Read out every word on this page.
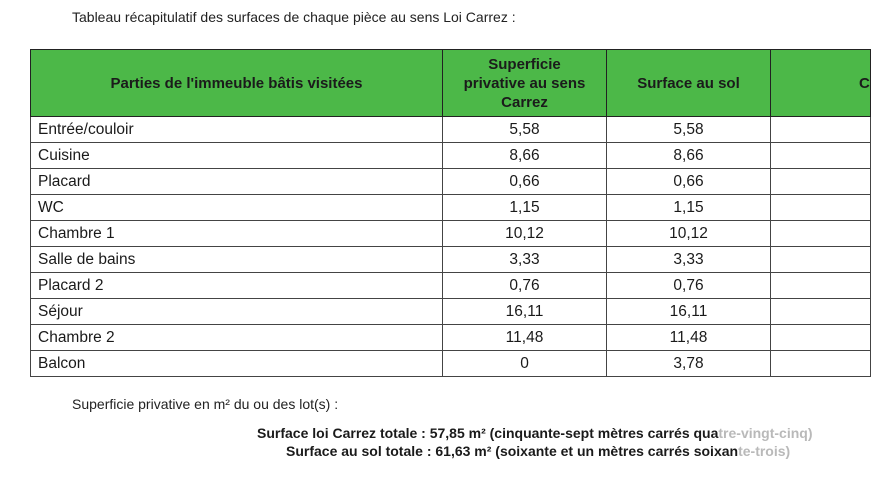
Tableau récapitulatif des surfaces de chaque pièce au sens Loi Carrez :
Parties de l'immeuble bâtis visitées	Superficie
privative au sens
Carrez	Surface au sol	C
Entrée/couloir	5,58	5,58	
Cuisine	8,66	8,66	
Placard	0,66	0,66	
WC	1,15	1,15	
Chambre 1	10,12	10,12	
Salle de bains	3,33	3,33	
Placard 2	0,76	0,76	
Séjour	16,11	16,11	
Chambre 2	11,48	11,48	
Balcon	0	3,78	
Superficie privative en m² du ou des lot(s) :
Surface loi Carrez totale : 57,85 m² (cinquante-sept mètres carrés quatre-vingt-cinq)
Surface au sol totale : 61,63 m² (soixante et un mètres carrés soixante-trois)
